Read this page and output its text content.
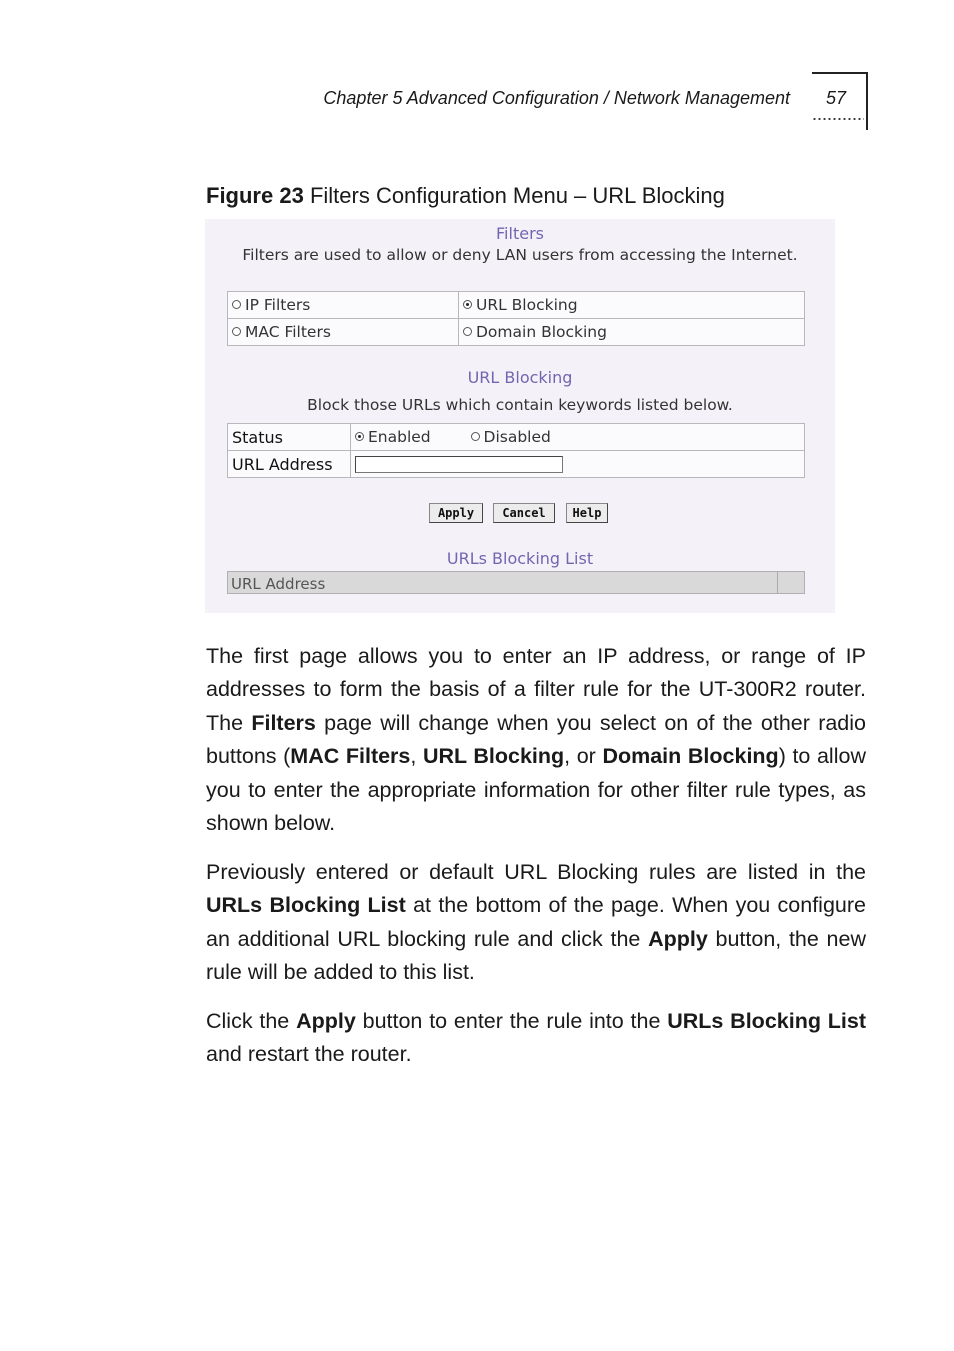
Chapter 5 Advanced Configuration / Network Management 57
Figure 23 Filters Configuration Menu – URL Blocking
Filters
Filters are used to allow or deny LAN users from accessing the Internet.
IP Filters	URL Blocking
MAC Filters	Domain Blocking
URL Blocking
Block those URLs which contain keywords listed below.
Status	Enabled Disabled
URL Address	
Apply	Cancel	Help
URLs Blocking List
URL Address

The first page allows you to enter an IP address, or range of IP addresses to form the basis of a filter rule for the UT-300R2 router. The Filters page will change when you select on of the other radio buttons (MAC Filters, URL Blocking, or Domain Blocking) to allow you to enter the appropriate information for other filter rule types, as shown below.

Previously entered or default URL Blocking rules are listed in the URLs Blocking List at the bottom of the page. When you configure an additional URL blocking rule and click the Apply button, the new rule will be added to this list.

Click the Apply button to enter the rule into the URLs Blocking List and restart the router.
